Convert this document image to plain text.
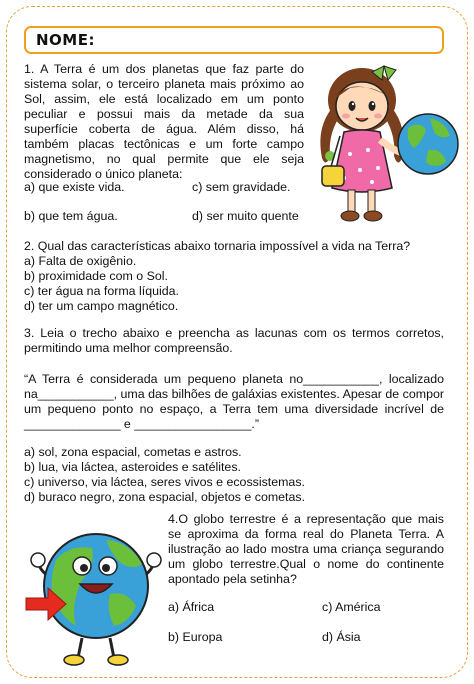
NOME:
1. A Terra é um dos planetas que faz parte do sistema solar, o terceiro planeta mais próximo ao Sol, assim, ele está localizado em um ponto peculiar e possui mais da metade da sua superfície coberta de água. Além disso, há também placas tectônicas e um forte campo magnetismo, no qual permite que ele seja considerado o único planeta:
a) que existe vida.	c) sem gravidade.
b) que tem água.	d) ser muito quente
2. Qual das características abaixo tornaria impossível a vida na Terra?
a) Falta de oxigênio.
b) proximidade com o Sol.
c) ter água na forma líquida.
d) ter um campo magnético.
3. Leia o trecho abaixo e preencha as lacunas com os termos corretos, permitindo uma melhor compreensão.
“A Terra é considerada um pequeno planeta no___________, localizado na___________, uma das bilhões de galáxias existentes. Apesar de compor um pequeno ponto no espaço, a Terra tem uma diversidade incrível de ______________ e _________________.”
a) sol, zona espacial, cometas e astros.
b) lua, via láctea, asteroides e satélites.
c) universo, via láctea, seres vivos e ecossistemas.
d) buraco negro, zona espacial, objetos e cometas.
4.O globo terrestre é a representação que mais se aproxima da forma real do Planeta Terra. A ilustração ao lado mostra uma criança segurando um globo terrestre.Qual o nome do continente apontado pela setinha?
a) África	c) América
b) Europa	d) Ásia
